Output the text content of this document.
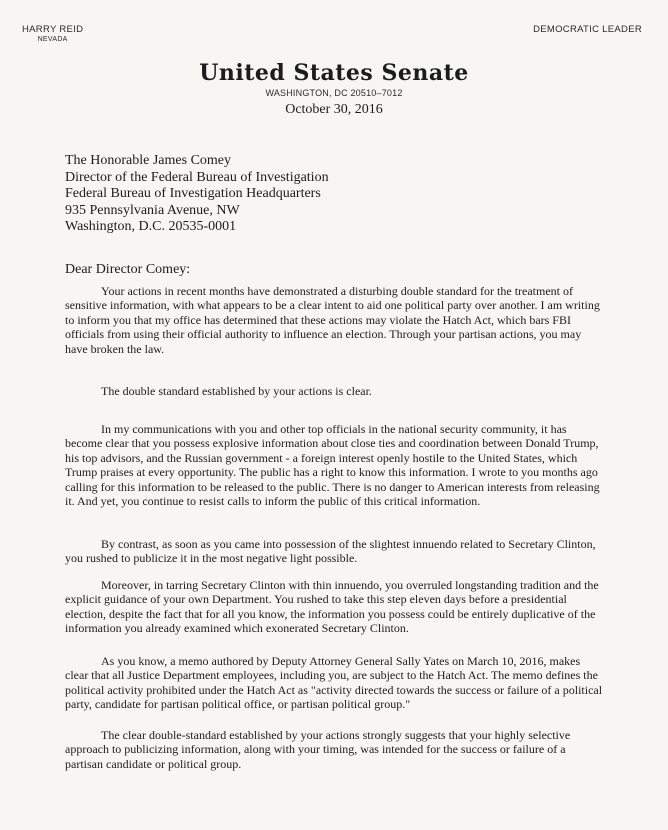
HARRY REID
NEVADA
DEMOCRATIC LEADER
United States Senate
WASHINGTON, DC 20510–7012
October 30, 2016
The Honorable James Comey
Director of the Federal Bureau of Investigation
Federal Bureau of Investigation Headquarters
935 Pennsylvania Avenue, NW
Washington, D.C. 20535-0001
Dear Director Comey:

Your actions in recent months have demonstrated a disturbing double standard for the treatment of sensitive information, with what appears to be a clear intent to aid one political party over another. I am writing to inform you that my office has determined that these actions may violate the Hatch Act, which bars FBI officials from using their official authority to influence an election. Through your partisan actions, you may have broken the law.

The double standard established by your actions is clear.

In my communications with you and other top officials in the national security community, it has become clear that you possess explosive information about close ties and coordination between Donald Trump, his top advisors, and the Russian government - a foreign interest openly hostile to the United States, which Trump praises at every opportunity. The public has a right to know this information. I wrote to you months ago calling for this information to be released to the public. There is no danger to American interests from releasing it. And yet, you continue to resist calls to inform the public of this critical information.

By contrast, as soon as you came into possession of the slightest innuendo related to Secretary Clinton, you rushed to publicize it in the most negative light possible.

Moreover, in tarring Secretary Clinton with thin innuendo, you overruled longstanding tradition and the explicit guidance of your own Department. You rushed to take this step eleven days before a presidential election, despite the fact that for all you know, the information you possess could be entirely duplicative of the information you already examined which exonerated Secretary Clinton.

As you know, a memo authored by Deputy Attorney General Sally Yates on March 10, 2016, makes clear that all Justice Department employees, including you, are subject to the Hatch Act. The memo defines the political activity prohibited under the Hatch Act as "activity directed towards the success or failure of a political party, candidate for partisan political office, or partisan political group."

The clear double-standard established by your actions strongly suggests that your highly selective approach to publicizing information, along with your timing, was intended for the success or failure of a partisan candidate or political group.
